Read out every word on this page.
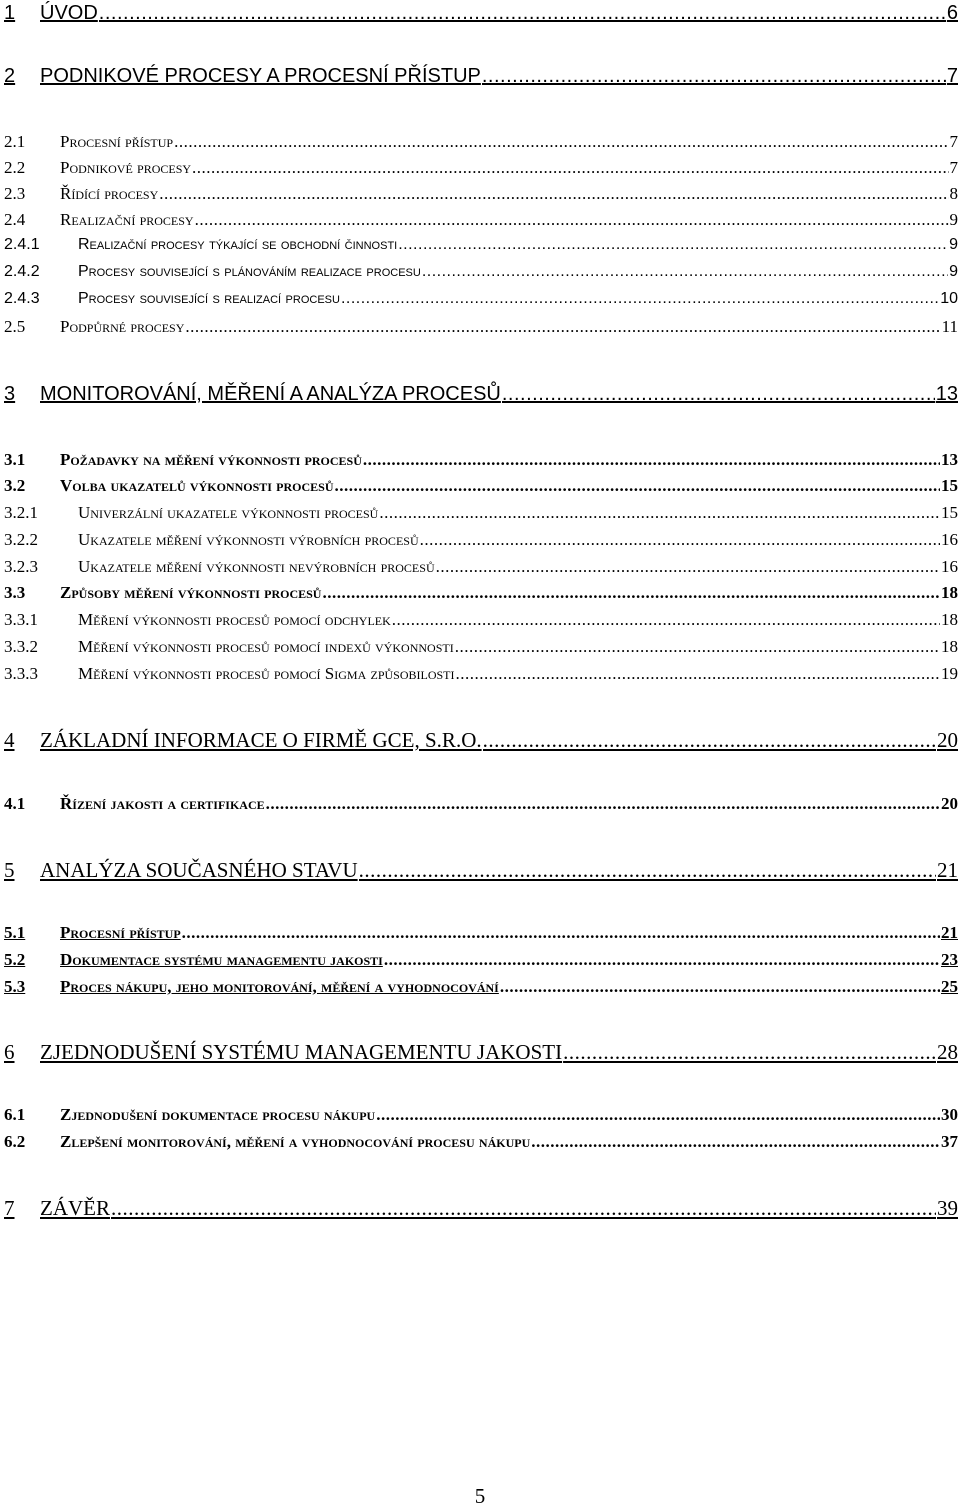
1	ÚVOD .....	6
2	PODNIKOVÉ PROCESY A PROCESNÍ PŘÍSTUP .....	7
2.1	Procesní přístup .....	7
2.2	Podnikové procesy .....	7
2.3	Řídící procesy .....	8
2.4	Realizační procesy .....	9
2.4.1	Realizační procesy týkající se obchodní činnosti .....	9
2.4.2	Procesy související s plánováním realizace procesu .....	9
2.4.3	Procesy související s realizací procesu .....	10
2.5	Podpůrné procesy .....	11
3	MONITOROVÁNÍ, MĚŘENÍ A ANALÝZA PROCESŮ .....	13
3.1	Požadavky na měření výkonnosti procesů .....	13
3.2	Volba ukazatelů výkonnosti procesů .....	15
3.2.1	Univerzální ukazatele výkonnosti procesů .....	15
3.2.2	Ukazatele měření výkonnosti výrobních procesů .....	16
3.2.3	Ukazatele měření výkonnosti nevýrobních procesů .....	16
3.3	Způsoby měření výkonnosti procesů .....	18
3.3.1	Měření výkonnosti procesů pomocí odchylek .....	18
3.3.2	Měření výkonnosti procesů pomocí indexů výkonnosti .....	18
3.3.3	Měření výkonnosti procesů pomocí Sigma způsobilosti .....	19
4	ZÁKLADNÍ INFORMACE O FIRMĚ GCE, S.R.O. .....	20
4.1	Řízení jakosti a certifikace .....	20
5	ANALÝZA SOUČASNÉHO STAVU .....	21
5.1	Procesní přístup .....	21
5.2	Dokumentace systému managementu jakosti .....	23
5.3	Proces nákupu, jeho monitorování, měření a vyhodnocování .....	25
6	ZJEDNODUŠENÍ SYSTÉMU MANAGEMENTU JAKOSTI .....	28
6.1	Zjednodušení dokumentace procesu nákupu .....	30
6.2	Zlepšení monitorování, měření a vyhodnocování procesu nákupu .....	37
7	ZÁVĚR .....	39
5
